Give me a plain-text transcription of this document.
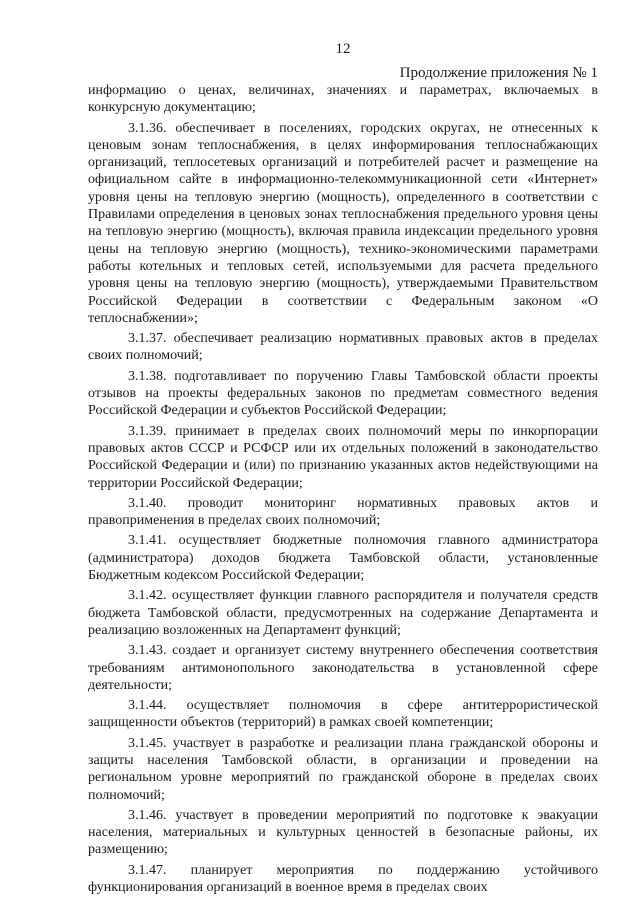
12
Продолжение приложения № 1

информацию о ценах, величинах, значениях и параметрах, включаемых в конкурсную документацию;

3.1.36. обеспечивает в поселениях, городских округах, не отнесенных к ценовым зонам теплоснабжения, в целях информирования теплоснабжающих организаций, теплосетевых организаций и потребителей расчет и размещение на официальном сайте в информационно-телекоммуникационной сети «Интернет» уровня цены на тепловую энергию (мощность), определенного в соответствии с Правилами определения в ценовых зонах теплоснабжения предельного уровня цены на тепловую энергию (мощность), включая правила индексации предельного уровня цены на тепловую энергию (мощность), технико-экономическими параметрами работы котельных и тепловых сетей, используемыми для расчета предельного уровня цены на тепловую энергию (мощность), утверждаемыми Правительством Российской Федерации в соответствии с Федеральным законом «О теплоснабжении»;

3.1.37. обеспечивает реализацию нормативных правовых актов в пределах своих полномочий;

3.1.38. подготавливает по поручению Главы Тамбовской области проекты отзывов на проекты федеральных законов по предметам совместного ведения Российской Федерации и субъектов Российской Федерации;

3.1.39. принимает в пределах своих полномочий меры по инкорпорации правовых актов СССР и РСФСР или их отдельных положений в законодательство Российской Федерации и (или) по признанию указанных актов недействующими на территории Российской Федерации;

3.1.40. проводит мониторинг нормативных правовых актов и правоприменения в пределах своих полномочий;

3.1.41. осуществляет бюджетные полномочия главного администратора (администратора) доходов бюджета Тамбовской области, установленные Бюджетным кодексом Российской Федерации;

3.1.42. осуществляет функции главного распорядителя и получателя средств бюджета Тамбовской области, предусмотренных на содержание Департамента и реализацию возложенных на Департамент функций;

3.1.43. создает и организует систему внутреннего обеспечения соответствия требованиям антимонопольного законодательства в установленной сфере деятельности;

3.1.44. осуществляет полномочия в сфере антитеррористической защищенности объектов (территорий) в рамках своей компетенции;

3.1.45. участвует в разработке и реализации плана гражданской обороны и защиты населения Тамбовской области, в организации и проведении на региональном уровне мероприятий по гражданской обороне в пределах своих полномочий;

3.1.46. участвует в проведении мероприятий по подготовке к эвакуации населения, материальных и культурных ценностей в безопасные районы, их размещению;

3.1.47. планирует мероприятия по поддержанию устойчивого функционирования организаций в военное время в пределах своих
